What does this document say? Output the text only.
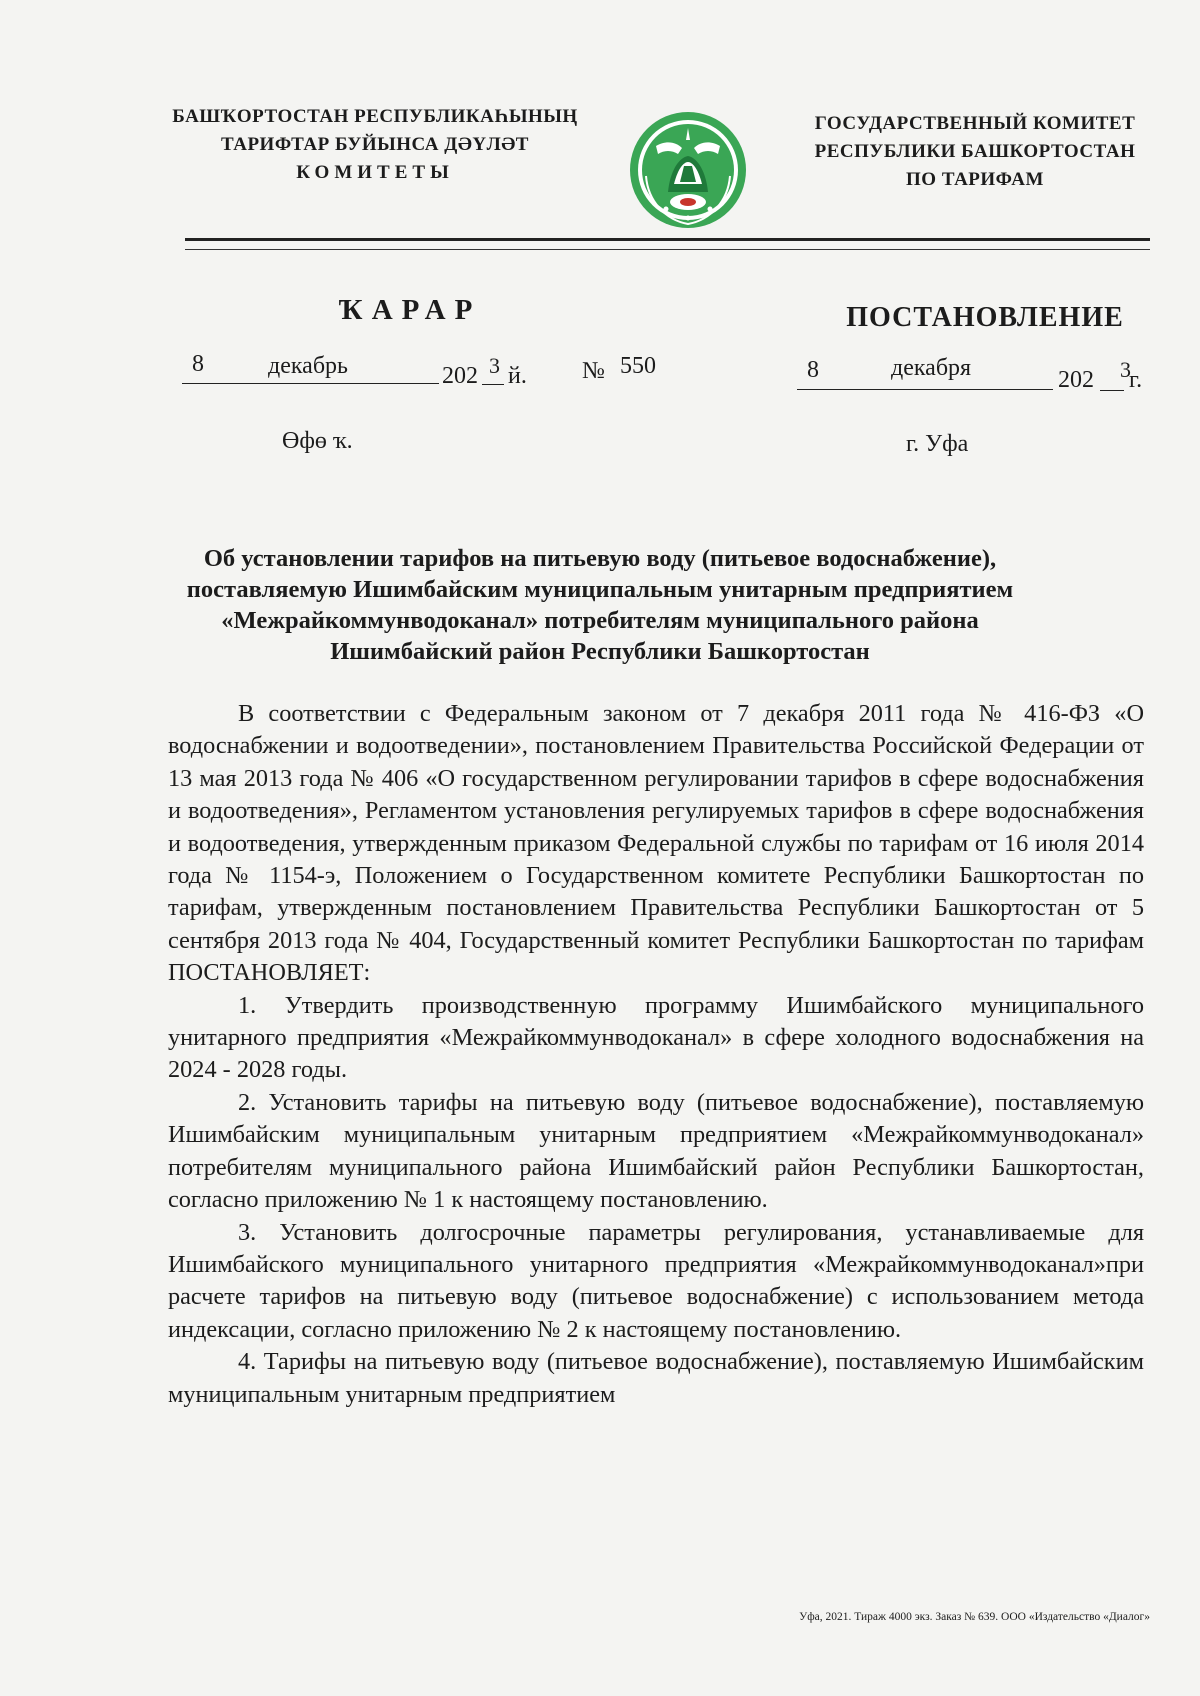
БАШҠОРТОСТАН РЕСПУБЛИКАҺЫНЫҢ
ТАРИФТАР БУЙЫНСА ДӘҮЛӘТ
КОМИТЕТЫ
ГОСУДАРСТВЕННЫЙ КОМИТЕТ
РЕСПУБЛИКИ БАШКОРТОСТАН
ПО ТАРИФАМ
ҠАРАР	ПОСТАНОВЛЕНИЕ
8	декабрь	202 3 й. № 550	8	декабря	202 3
г.
Өфө ҡ.	г. Уфа
Об установлении тарифов на питьевую воду (питьевое водоснабжение), поставляемую Ишимбайским муниципальным унитарным предприятием «Межрайкоммунводоканал» потребителям муниципального района Ишимбайский район Республики Башкортостан

В соответствии с Федеральным законом от 7 декабря 2011 года № 416-ФЗ «О водоснабжении и водоотведении», постановлением Правительства Российской Федерации от 13 мая 2013 года № 406 «О государственном регулировании тарифов в сфере водоснабжения и водоотведения», Регламентом установления регулируемых тарифов в сфере водоснабжения и водоотведения, утвержденным приказом Федеральной службы по тарифам от 16 июля 2014 года № 1154-э, Положением о Государственном комитете Республики Башкортостан по тарифам, утвержденным постановлением Правительства Республики Башкортостан от 5 сентября 2013 года № 404, Государственный комитет Республики Башкортостан по тарифам ПОСТАНОВЛЯЕТ:

1. Утвердить производственную программу Ишимбайского муниципального унитарного предприятия «Межрайкоммунводоканал» в сфере холодного водоснабжения на 2024 - 2028 годы.

2. Установить тарифы на питьевую воду (питьевое водоснабжение), поставляемую Ишимбайским муниципальным унитарным предприятием «Межрайкоммунводоканал» потребителям муниципального района Ишимбайский район Республики Башкортостан, согласно приложению № 1 к настоящему постановлению.

3. Установить долгосрочные параметры регулирования, устанавливаемые для Ишимбайского муниципального унитарного предприятия «Межрайкоммунводоканал»при расчете тарифов на питьевую воду (питьевое водоснабжение) с использованием метода индексации, согласно приложению № 2 к настоящему постановлению.

4. Тарифы на питьевую воду (питьевое водоснабжение), поставляемую Ишимбайским муниципальным унитарным предприятием

Уфа, 2021. Тираж 4000 экз. Заказ № 639. ООО «Издательство «Диалог»
